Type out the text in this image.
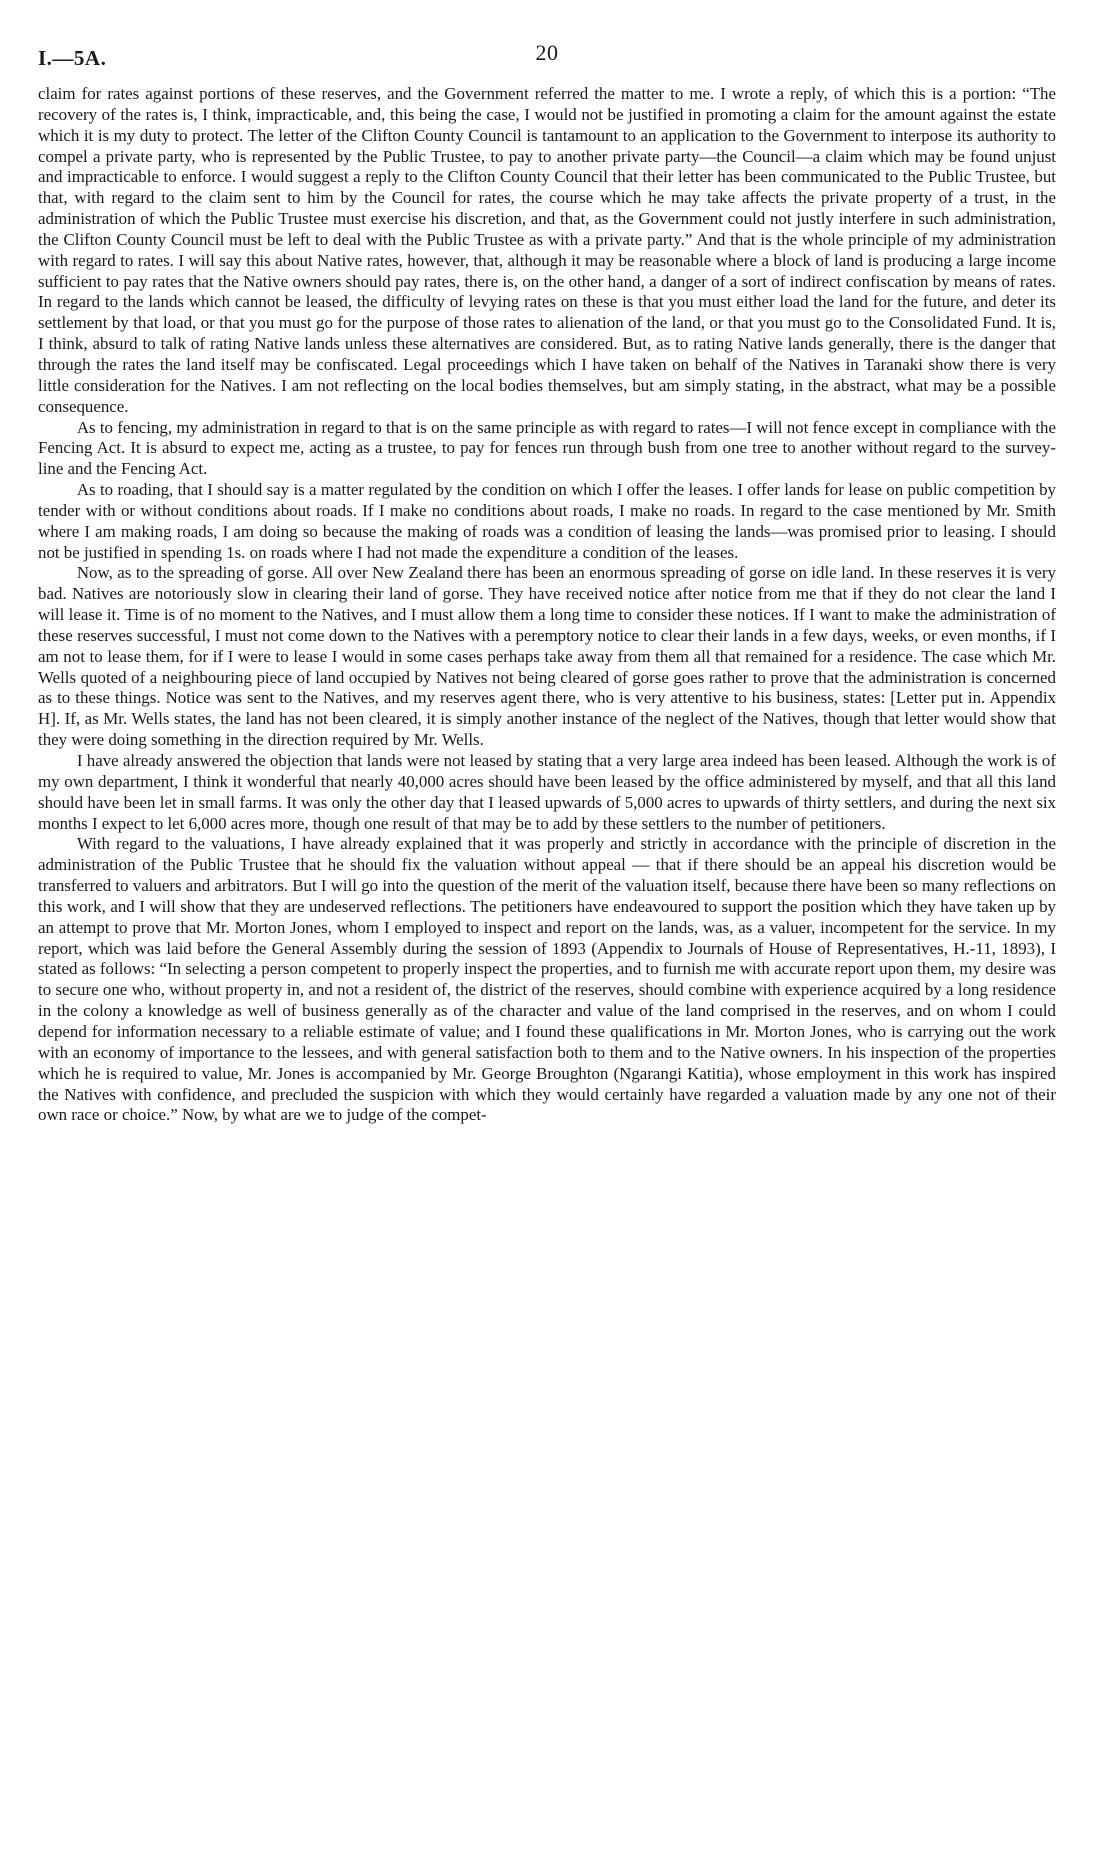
I.—5A.	20

claim for rates against portions of these reserves, and the Government referred the matter to me. I wrote a reply, of which this is a portion: “The recovery of the rates is, I think, impracticable, and, this being the case, I would not be justified in promoting a claim for the amount against the estate which it is my duty to protect. The letter of the Clifton County Council is tantamount to an application to the Government to interpose its authority to compel a private party, who is represented by the Public Trustee, to pay to another private party—the Council—a claim which may be found unjust and impracticable to enforce. I would suggest a reply to the Clifton County Council that their letter has been communicated to the Public Trustee, but that, with regard to the claim sent to him by the Council for rates, the course which he may take affects the private property of a trust, in the administration of which the Public Trustee must exercise his discretion, and that, as the Government could not justly interfere in such administration, the Clifton County Council must be left to deal with the Public Trustee as with a private party.” And that is the whole principle of my administration with regard to rates. I will say this about Native rates, however, that, although it may be reasonable where a block of land is producing a large income sufficient to pay rates that the Native owners should pay rates, there is, on the other hand, a danger of a sort of indirect confiscation by means of rates. In regard to the lands which cannot be leased, the difficulty of levying rates on these is that you must either load the land for the future, and deter its settlement by that load, or that you must go for the purpose of those rates to alienation of the land, or that you must go to the Consolidated Fund. It is, I think, absurd to talk of rating Native lands unless these alternatives are considered. But, as to rating Native lands generally, there is the danger that through the rates the land itself may be confiscated. Legal proceedings which I have taken on behalf of the Natives in Taranaki show there is very little consideration for the Natives. I am not reflecting on the local bodies themselves, but am simply stating, in the abstract, what may be a possible consequence.

As to fencing, my administration in regard to that is on the same principle as with regard to rates—I will not fence except in compliance with the Fencing Act. It is absurd to expect me, acting as a trustee, to pay for fences run through bush from one tree to another without regard to the survey-line and the Fencing Act.

As to roading, that I should say is a matter regulated by the condition on which I offer the leases. I offer lands for lease on public competition by tender with or without conditions about roads. If I make no conditions about roads, I make no roads. In regard to the case mentioned by Mr. Smith where I am making roads, I am doing so because the making of roads was a condition of leasing the lands—was promised prior to leasing. I should not be justified in spending 1s. on roads where I had not made the expenditure a condition of the leases.

Now, as to the spreading of gorse. All over New Zealand there has been an enormous spreading of gorse on idle land. In these reserves it is very bad. Natives are notoriously slow in clearing their land of gorse. They have received notice after notice from me that if they do not clear the land I will lease it. Time is of no moment to the Natives, and I must allow them a long time to consider these notices. If I want to make the administration of these reserves successful, I must not come down to the Natives with a peremptory notice to clear their lands in a few days, weeks, or even months, if I am not to lease them, for if I were to lease I would in some cases perhaps take away from them all that remained for a residence. The case which Mr. Wells quoted of a neighbouring piece of land occupied by Natives not being cleared of gorse goes rather to prove that the administration is concerned as to these things. Notice was sent to the Natives, and my reserves agent there, who is very attentive to his business, states: [Letter put in. Appendix H]. If, as Mr. Wells states, the land has not been cleared, it is simply another instance of the neglect of the Natives, though that letter would show that they were doing something in the direction required by Mr. Wells.

I have already answered the objection that lands were not leased by stating that a very large area indeed has been leased. Although the work is of my own department, I think it wonderful that nearly 40,000 acres should have been leased by the office administered by myself, and that all this land should have been let in small farms. It was only the other day that I leased upwards of 5,000 acres to upwards of thirty settlers, and during the next six months I expect to let 6,000 acres more, though one result of that may be to add by these settlers to the number of petitioners.

With regard to the valuations, I have already explained that it was properly and strictly in accordance with the principle of discretion in the administration of the Public Trustee that he should fix the valuation without appeal — that if there should be an appeal his discretion would be transferred to valuers and arbitrators. But I will go into the question of the merit of the valuation itself, because there have been so many reflections on this work, and I will show that they are undeserved reflections. The petitioners have endeavoured to support the position which they have taken up by an attempt to prove that Mr. Morton Jones, whom I employed to inspect and report on the lands, was, as a valuer, incompetent for the service. In my report, which was laid before the General Assembly during the session of 1893 (Appendix to Journals of House of Representatives, H.-11, 1893), I stated as follows: “In selecting a person competent to properly inspect the properties, and to furnish me with accurate report upon them, my desire was to secure one who, without property in, and not a resident of, the district of the reserves, should combine with experience acquired by a long residence in the colony a knowledge as well of business generally as of the character and value of the land comprised in the reserves, and on whom I could depend for information necessary to a reliable estimate of value; and I found these qualifications in Mr. Morton Jones, who is carrying out the work with an economy of importance to the lessees, and with general satisfaction both to them and to the Native owners. In his inspection of the properties which he is required to value, Mr. Jones is accompanied by Mr. George Broughton (Ngarangi Katitia), whose employment in this work has inspired the Natives with confidence, and precluded the suspicion with which they would certainly have regarded a valuation made by any one not of their own race or choice.” Now, by what are we to judge of the compet-
